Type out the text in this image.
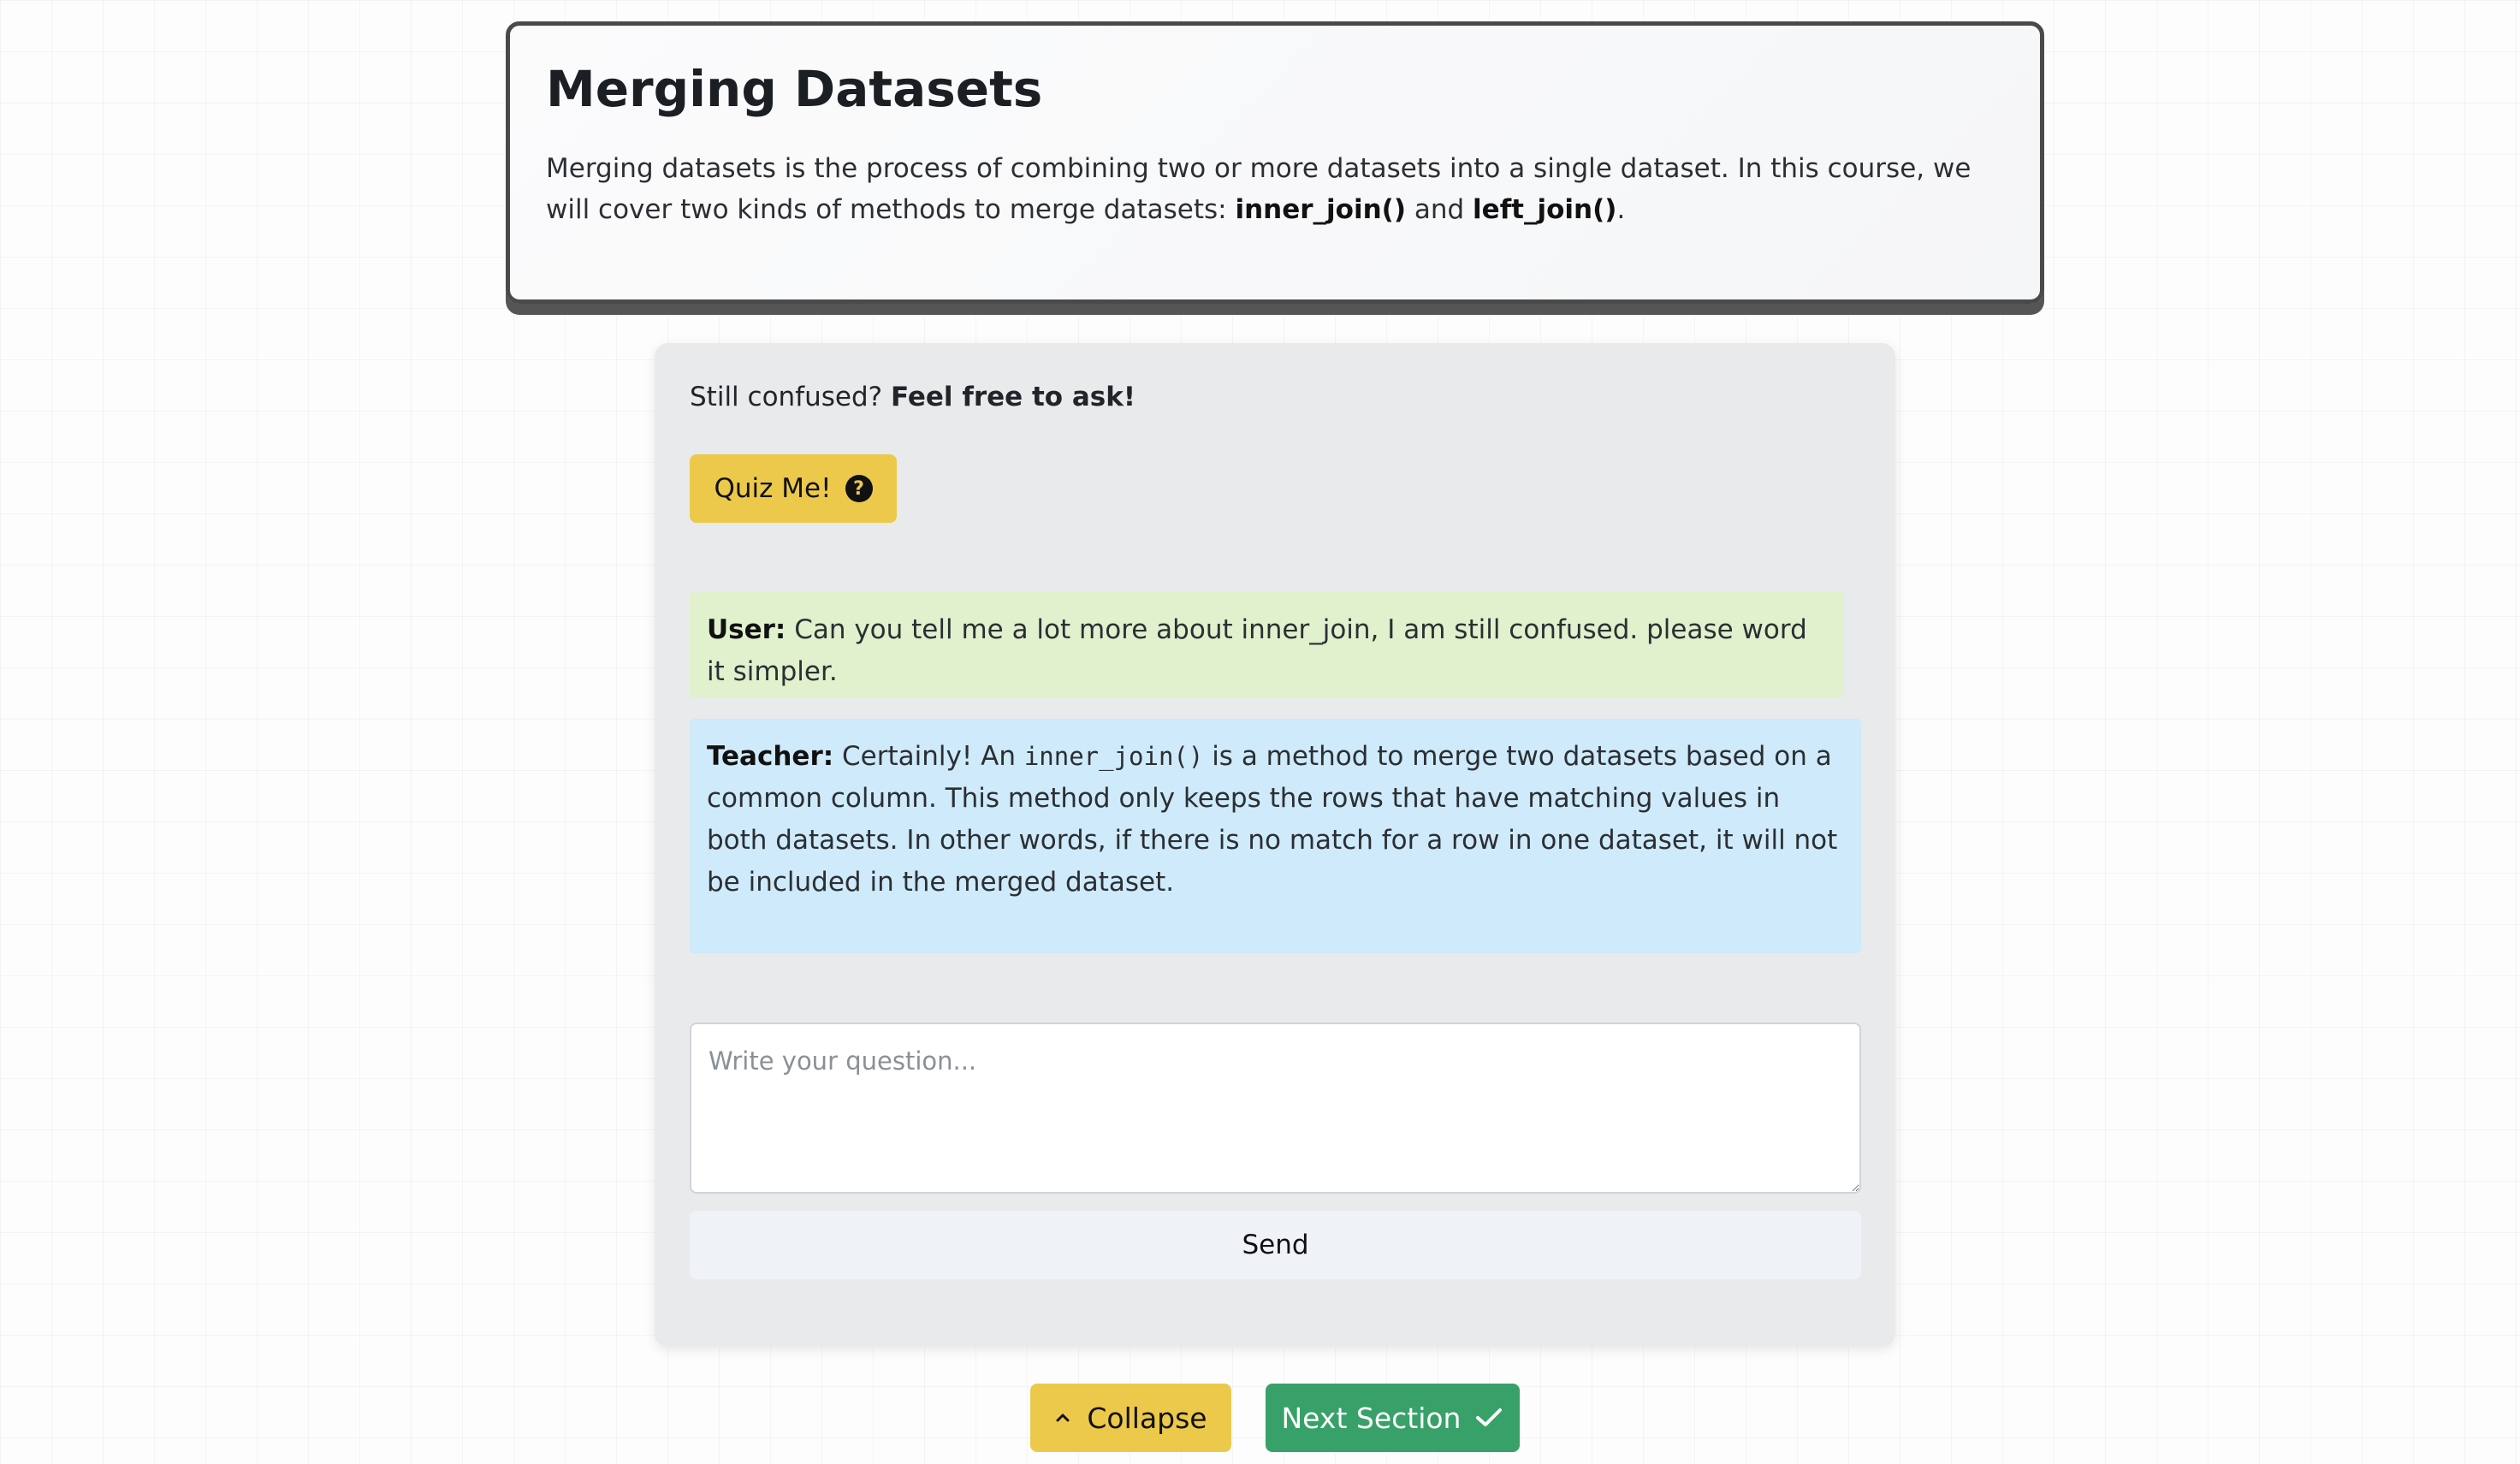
Merging Datasets

Merging datasets is the process of combining two or more datasets into a single dataset. In this course, we will cover two kinds of methods to merge datasets: inner_join() and left_join().

Still confused? Feel free to ask!
Quiz Me!	?
User: Can you tell me a lot more about inner_join, I am still confused. please word it simpler.
Teacher: Certainly! An inner_join() is a method to merge two datasets based on a common column. This method only keeps the rows that have matching values in both datasets. In other words, if there is no match for a row in one dataset, it will not be included in the merged dataset.
Write your question...
Send
Collapse	Next Section
